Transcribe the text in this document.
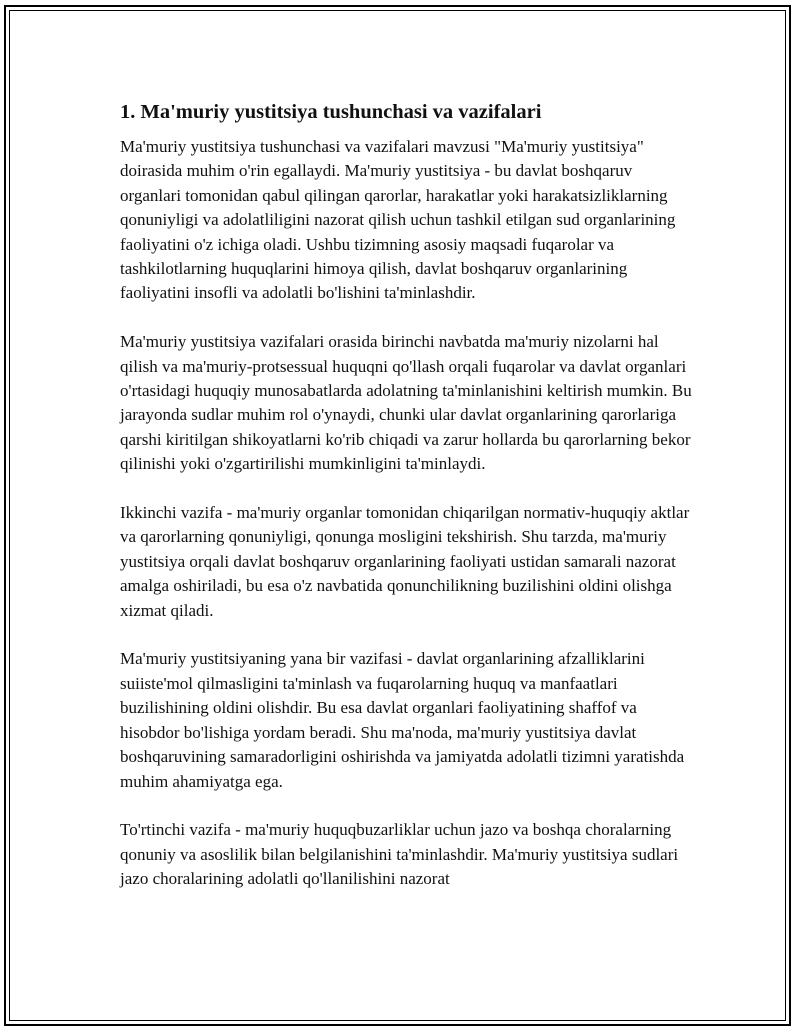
1. Ma'muriy yustitsiya tushunchasi va vazifalari

Ma'muriy yustitsiya tushunchasi va vazifalari mavzusi "Ma'muriy yustitsiya" doirasida muhim o'rin egallaydi. Ma'muriy yustitsiya - bu davlat boshqaruv organlari tomonidan qabul qilingan qarorlar, harakatlar yoki harakatsizliklarning qonuniyligi va adolatliligini nazorat qilish uchun tashkil etilgan sud organlarining faoliyatini o'z ichiga oladi. Ushbu tizimning asosiy maqsadi fuqarolar va tashkilotlarning huquqlarini himoya qilish, davlat boshqaruv organlarining faoliyatini insofli va adolatli bo'lishini ta'minlashdir.

Ma'muriy yustitsiya vazifalari orasida birinchi navbatda ma'muriy nizolarni hal qilish va ma'muriy-protsessual huquqni qo'llash orqali fuqarolar va davlat organlari o'rtasidagi huquqiy munosabatlarda adolatning ta'minlanishini keltirish mumkin. Bu jarayonda sudlar muhim rol o'ynaydi, chunki ular davlat organlarining qarorlariga qarshi kiritilgan shikoyatlarni ko'rib chiqadi va zarur hollarda bu qarorlarning bekor qilinishi yoki o'zgartirilishi mumkinligini ta'minlaydi.

Ikkinchi vazifa - ma'muriy organlar tomonidan chiqarilgan normativ-huquqiy aktlar va qarorlarning qonuniyligi, qonunga mosligini tekshirish. Shu tarzda, ma'muriy yustitsiya orqali davlat boshqaruv organlarining faoliyati ustidan samarali nazorat amalga oshiriladi, bu esa o'z navbatida qonunchilikning buzilishini oldini olishga xizmat qiladi.

Ma'muriy yustitsiyaning yana bir vazifasi - davlat organlarining afzalliklarini suiiste'mol qilmasligini ta'minlash va fuqarolarning huquq va manfaatlari buzilishining oldini olishdir. Bu esa davlat organlari faoliyatining shaffof va hisobdor bo'lishiga yordam beradi. Shu ma'noda, ma'muriy yustitsiya davlat boshqaruvining samaradorligini oshirishda va jamiyatda adolatli tizimni yaratishda muhim ahamiyatga ega.

To'rtinchi vazifa - ma'muriy huquqbuzarliklar uchun jazo va boshqa choralarning qonuniy va asoslilik bilan belgilanishini ta'minlashdir. Ma'muriy yustitsiya sudlari jazo choralarining adolatli qo'llanilishini nazorat
